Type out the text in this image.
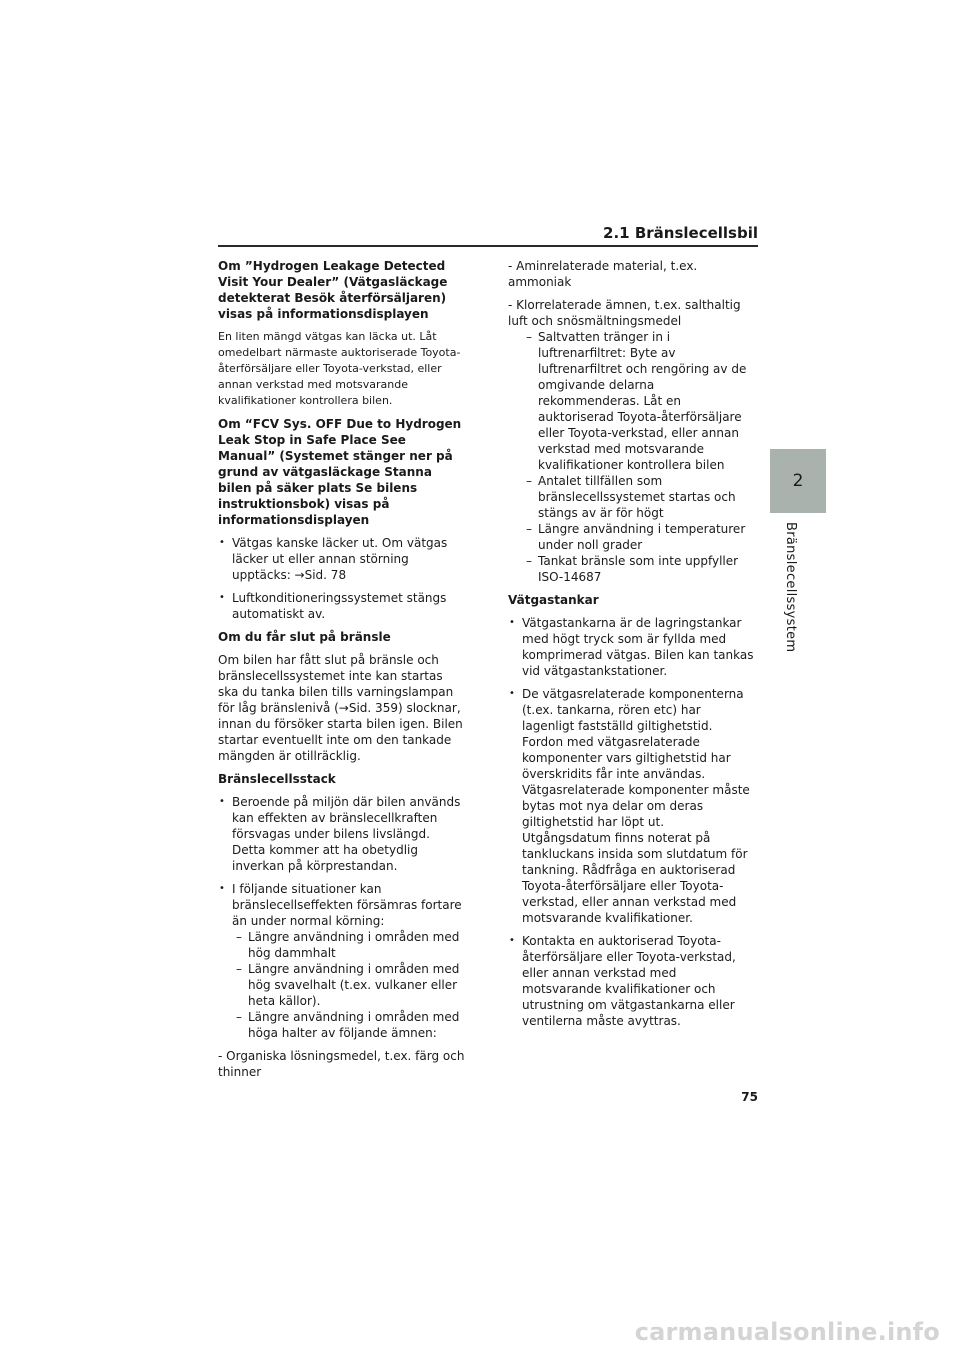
2.1 Bränslecellsbil
2
Bränslecellssystem

Om ”Hydrogen Leakage Detected Visit Your Dealer” (Vätgasläckage detekterat Besök återförsäljaren) visas på informationsdisplayen

En liten mängd vätgas kan läcka ut. Låt omedelbart närmaste auktoriserade Toyota-återförsäljare eller Toyota-verkstad, eller annan verkstad med motsvarande kvalifikationer kontrollera bilen.

Om “FCV Sys. OFF Due to Hydrogen Leak Stop in Safe Place See Manual” (Systemet stänger ner på grund av vätgasläckage Stanna bilen på säker plats Se bilens instruktionsbok) visas på informationsdisplayen

• Vätgas kanske läcker ut. Om vätgas läcker ut eller annan störning upptäcks: →Sid. 78
• Luftkonditioneringssystemet stängs automatiskt av.

Om du får slut på bränsle

Om bilen har fått slut på bränsle och bränslecellssystemet inte kan startas ska du tanka bilen tills varningslampan för låg bränslenivå (→Sid. 359) slocknar, innan du försöker starta bilen igen. Bilen startar eventuellt inte om den tankade mängden är otillräcklig.

Bränslecellsstack

• Beroende på miljön där bilen används kan effekten av bränslecellkraften försvagas under bilens livslängd. Detta kommer att ha obetydlig inverkan på körprestandan.
• I följande situationer kan bränslecellseffekten försämras fortare än under normal körning:
– Längre användning i områden med hög dammhalt
– Längre användning i områden med hög svavelhalt (t.ex. vulkaner eller heta källor).
– Längre användning i områden med höga halter av följande ämnen:

- Organiska lösningsmedel, t.ex. färg och thinner

- Aminrelaterade material, t.ex. ammoniak

- Klorrelaterade ämnen, t.ex. salthaltig luft och snösmältningsmedel

– Saltvatten tränger in i luftrenarfiltret: Byte av luftrenarfiltret och rengöring av de omgivande delarna rekommenderas. Låt en auktoriserad Toyota-återförsäljare eller Toyota-verkstad, eller annan verkstad med motsvarande kvalifikationer kontrollera bilen
– Antalet tillfällen som bränslecellssystemet startas och stängs av är för högt
– Längre användning i temperaturer under noll grader
– Tankat bränsle som inte uppfyller ISO-14687

Vätgastankar

• Vätgastankarna är de lagringstankar med högt tryck som är fyllda med komprimerad vätgas. Bilen kan tankas vid vätgastankstationer.
• De vätgasrelaterade komponenterna (t.ex. tankarna, rören etc) har lagenligt fastställd giltighetstid. Fordon med vätgasrelaterade komponenter vars giltighetstid har överskridits får inte användas. Vätgasrelaterade komponenter måste bytas mot nya delar om deras giltighetstid har löpt ut. Utgångsdatum finns noterat på tankluckans insida som slutdatum för tankning. Rådfråga en auktoriserad Toyota-återförsäljare eller Toyota-verkstad, eller annan verkstad med motsvarande kvalifikationer.
• Kontakta en auktoriserad Toyota-återförsäljare eller Toyota-verkstad, eller annan verkstad med motsvarande kvalifikationer och utrustning om vätgastankarna eller ventilerna måste avyttras.
75
carmanualsonline.info
